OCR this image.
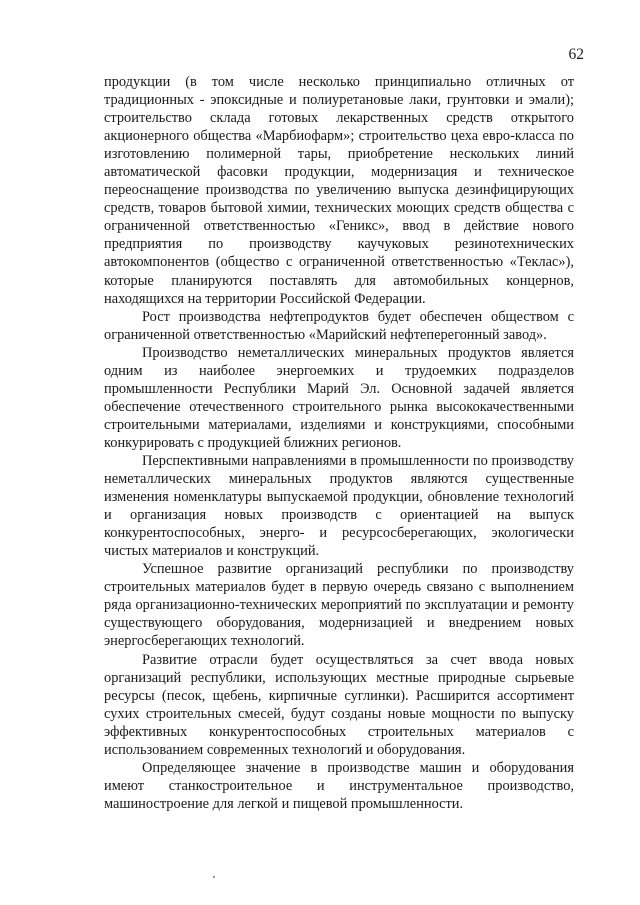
62

продукции (в том числе несколько принципиально отличных от традиционных - эпоксидные и полиуретановые лаки, грунтовки и эмали); строительство склада готовых лекарственных средств открытого акционерного общества «Марбиофарм»; строительство цеха евро-класса по изготовлению полимерной тары, приобретение нескольких линий автоматической фасовки продукции, модернизация и техническое переоснащение производства по увеличению выпуска дезинфицирующих средств, товаров бытовой химии, технических моющих средств общества с ограниченной ответственностью «Геникс», ввод в действие нового предприятия по производству каучуковых резинотехнических автокомпонентов (общество с ограниченной ответственностью «Теклас»), которые планируются поставлять для автомобильных концернов, находящихся на территории Российской Федерации.

Рост производства нефтепродуктов будет обеспечен обществом с ограниченной ответственностью «Марийский нефтеперегонный завод».

Производство неметаллических минеральных продуктов является одним из наиболее энергоемких и трудоемких подразделов промышленности Республики Марий Эл. Основной задачей является обеспечение отечественного строительного рынка высококачественными строительными материалами, изделиями и конструкциями, способными конкурировать с продукцией ближних регионов.

Перспективными направлениями в промышленности по производству неметаллических минеральных продуктов являются существенные изменения номенклатуры выпускаемой продукции, обновление технологий и организация новых производств с ориентацией на выпуск конкурентоспособных, энерго- и ресурсосберегающих, экологически чистых материалов и конструкций.

Успешное развитие организаций республики по производству строительных материалов будет в первую очередь связано с выполнением ряда организационно-технических мероприятий по эксплуатации и ремонту существующего оборудования, модернизацией и внедрением новых энергосберегающих технологий.

Развитие отрасли будет осуществляться за счет ввода новых организаций республики, использующих местные природные сырьевые ресурсы (песок, щебень, кирпичные суглинки). Расширится ассортимент сухих строительных смесей, будут созданы новые мощности по выпуску эффективных конкурентоспособных строительных материалов с использованием современных технологий и оборудования.

Определяющее значение в производстве машин и оборудования имеют станкостроительное и инструментальное производство, машиностроение для легкой и пищевой промышленности.
